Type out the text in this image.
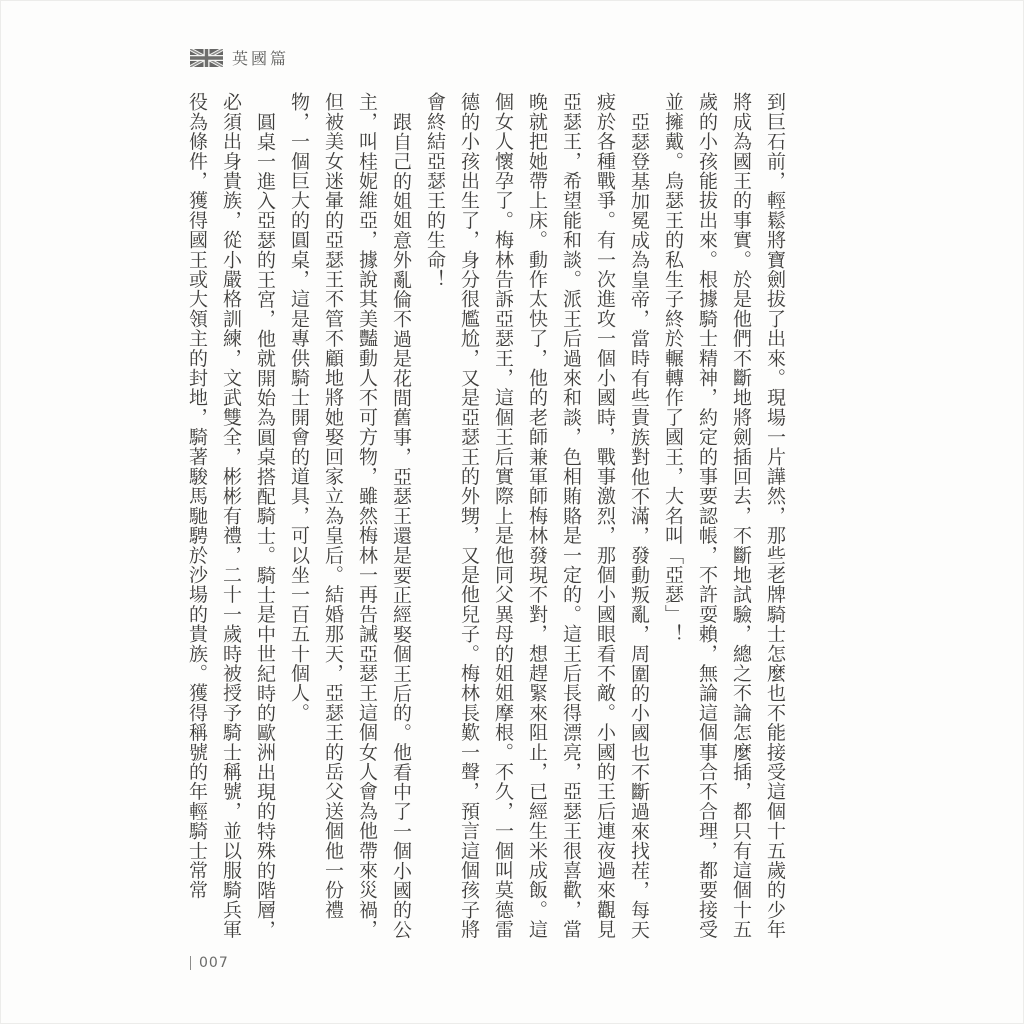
英國篇

到巨石前，輕鬆將寶劍拔了出來。現場一片譁然，那些老牌騎士怎麼也不能接受這個十五歲的少年將成為國王的事實。於是他們不斷地將劍插回去，不斷地試驗，總之不論怎麼插，都只有這個十五歲的小孩能拔出來。根據騎士精神，約定的事要認帳，不許耍賴，無論這個事合不合理，都要接受並擁戴。烏瑟王的私生子終於輾轉作了國王，大名叫「亞瑟」！

亞瑟登基加冕成為皇帝，當時有些貴族對他不滿，發動叛亂，周圍的小國也不斷過來找茬，每天疲於各種戰爭。有一次進攻一個小國時，戰事激烈，那個小國眼看不敵。小國的王后連夜過來觀見亞瑟王，希望能和談。派王后過來和談，色相賄賂是一定的。這王后長得漂亮，亞瑟王很喜歡，當晚就把她帶上床。動作太快了，他的老師兼軍師梅林發現不對，想趕緊來阻止，已經生米成飯。這個女人懷孕了。梅林告訴亞瑟王，這個王后實際上是他同父異母的姐姐摩根。不久，一個叫莫德雷德的小孩出生了，身分很尷尬，又是亞瑟王的外甥，又是他兒子。梅林長歎一聲，預言這個孩子將會終結亞瑟王的生命！

跟自己的姐姐意外亂倫不過是花間舊事，亞瑟王還是要正經娶個王后的。他看中了一個小國的公主，叫桂妮維亞，據說其美豔動人不可方物，雖然梅林一再告誡亞瑟王這個女人會為他帶來災禍，但被美女迷暈的亞瑟王不管不顧地將她娶回家立為皇后。結婚那天，亞瑟王的岳父送個他一份禮物，一個巨大的圓桌，這是專供騎士開會的道具，可以坐一百五十個人。

圓桌一進入亞瑟的王宮，他就開始為圓桌搭配騎士。騎士是中世紀時的歐洲出現的特殊的階層，必須出身貴族，從小嚴格訓練，文武雙全，彬彬有禮，二十一歲時被授予騎士稱號，並以服騎兵軍役為條件，獲得國王或大領主的封地，騎著駿馬馳騁於沙場的貴族。獲得稱號的年輕騎士常常

007
